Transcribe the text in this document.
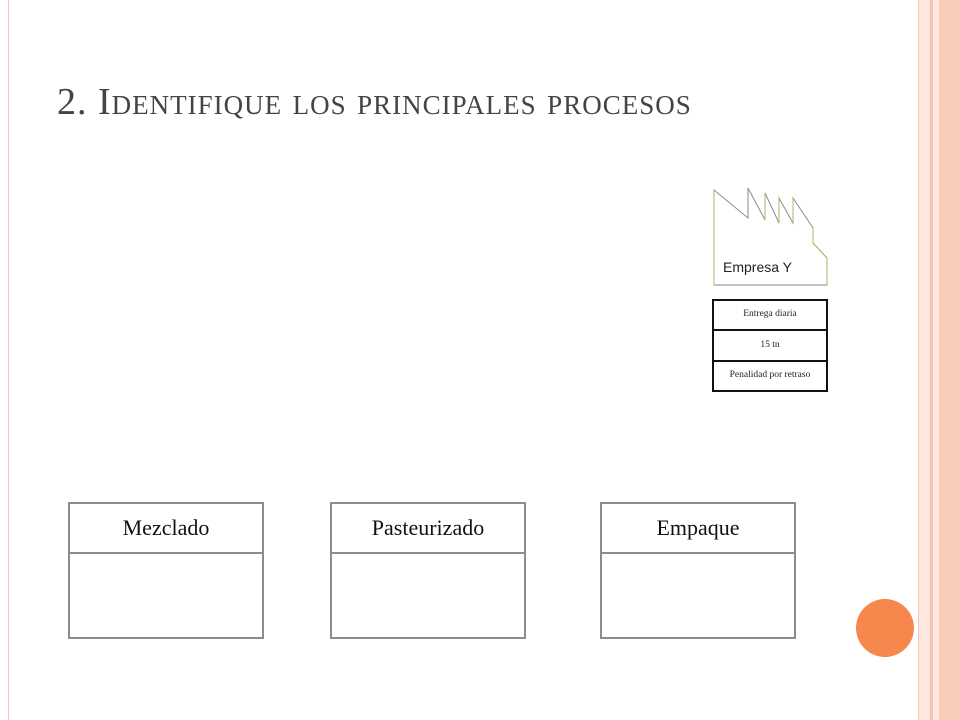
2. Identifique los principales procesos
Empresa Y
Entrega diaria
15 tn
Penalidad por retraso
Mezclado	Pasteurizado	Empaque
